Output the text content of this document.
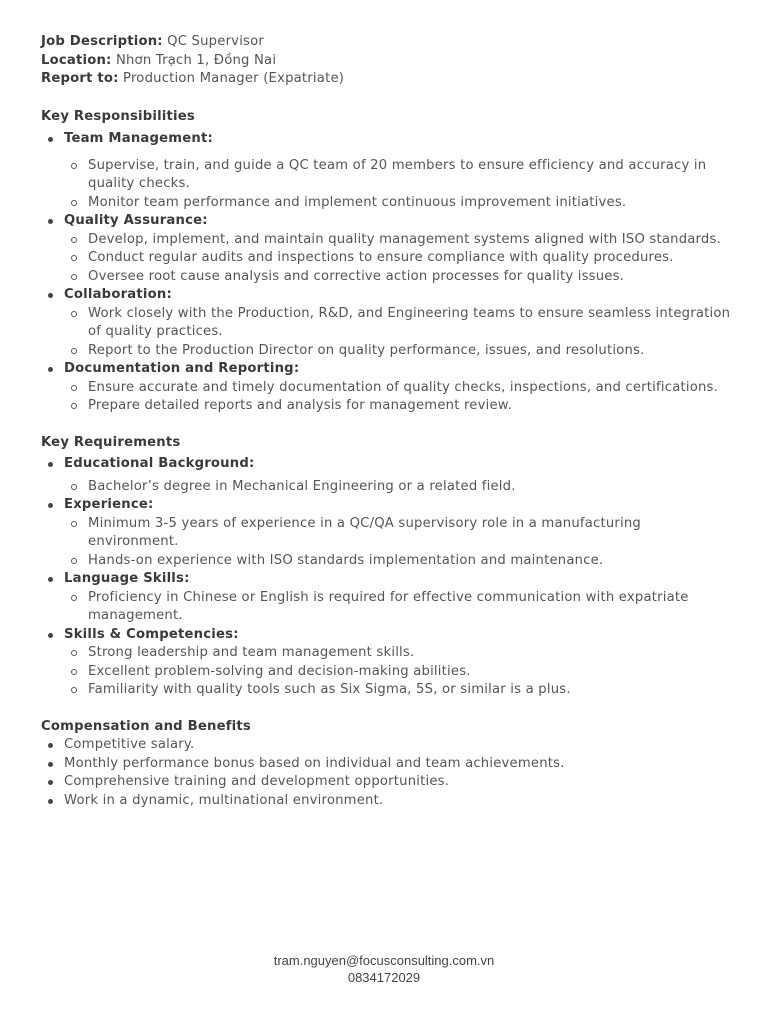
Job Description: QC Supervisor
Location: Nhơn Trạch 1, Đồng Nai
Report to: Production Manager (Expatriate)
Key Responsibilities
Team Management:
Supervise, train, and guide a QC team of 20 members to ensure efficiency and accuracy in quality checks.
Monitor team performance and implement continuous improvement initiatives.
Quality Assurance:
Develop, implement, and maintain quality management systems aligned with ISO standards.
Conduct regular audits and inspections to ensure compliance with quality procedures.
Oversee root cause analysis and corrective action processes for quality issues.
Collaboration:
Work closely with the Production, R&D, and Engineering teams to ensure seamless integration of quality practices.
Report to the Production Director on quality performance, issues, and resolutions.
Documentation and Reporting:
Ensure accurate and timely documentation of quality checks, inspections, and certifications.
Prepare detailed reports and analysis for management review.
Key Requirements
Educational Background:
Bachelor’s degree in Mechanical Engineering or a related field.
Experience:
Minimum 3-5 years of experience in a QC/QA supervisory role in a manufacturing environment.
Hands-on experience with ISO standards implementation and maintenance.
Language Skills:
Proficiency in Chinese or English is required for effective communication with expatriate management.
Skills & Competencies:
Strong leadership and team management skills.
Excellent problem-solving and decision-making abilities.
Familiarity with quality tools such as Six Sigma, 5S, or similar is a plus.
Compensation and Benefits
Competitive salary.
Monthly performance bonus based on individual and team achievements.
Comprehensive training and development opportunities.
Work in a dynamic, multinational environment.
tram.nguyen@focusconsulting.com.vn
0834172029
